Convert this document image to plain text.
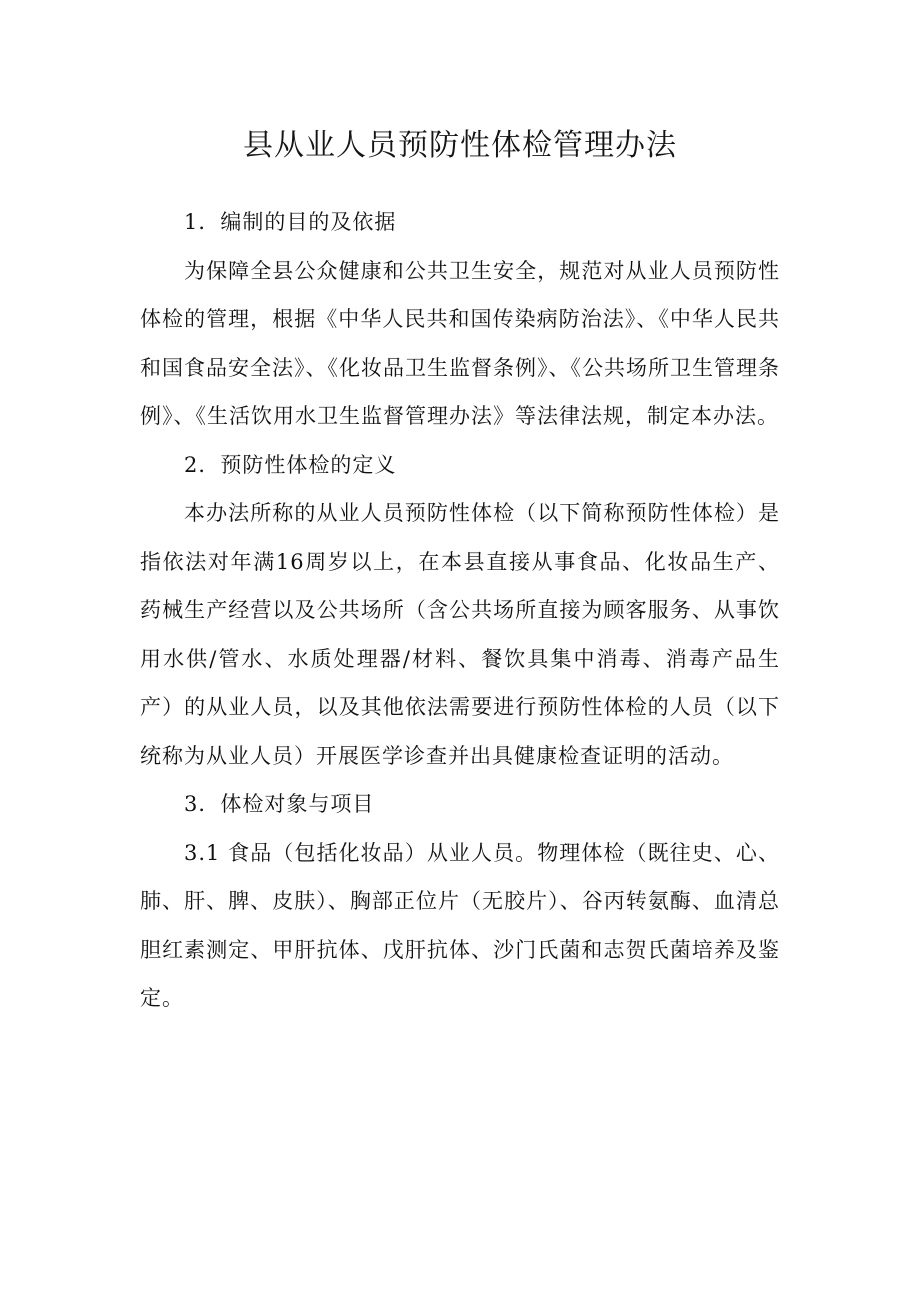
县从业人员预防性体检管理办法

1．编制的目的及依据

为保障全县公众健康和公共卫生安全，规范对从业人员预防性体检的管理，根据《中华人民共和国传染病防治法》、《中华人民共和国食品安全法》、《化妆品卫生监督条例》、《公共场所卫生管理条例》、《生活饮用水卫生监督管理办法》等法律法规，制定本办法。

2．预防性体检的定义

本办法所称的从业人员预防性体检（以下简称预防性体检）是指依法对年满16周岁以上，在本县直接从事食品、化妆品生产、药械生产经营以及公共场所（含公共场所直接为顾客服务、从事饮用水供/管水、水质处理器/材料、餐饮具集中消毒、消毒产品生产）的从业人员，以及其他依法需要进行预防性体检的人员（以下统称为从业人员）开展医学诊查并出具健康检查证明的活动。

3．体检对象与项目

3.1 食品（包括化妆品）从业人员。物理体检（既往史、心、肺、肝、脾、皮肤）、胸部正位片（无胶片）、谷丙转氨酶、血清总胆红素测定、甲肝抗体、戊肝抗体、沙门氏菌和志贺氏菌培养及鉴定。
